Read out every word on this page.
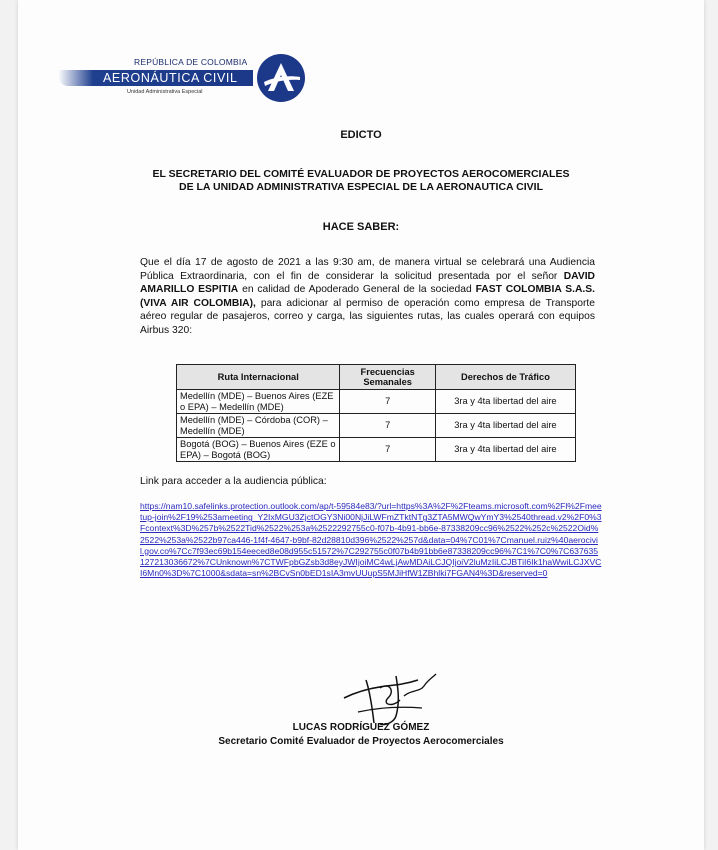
REPÚBLICA DE COLOMBIA
AERONÁUTICA CIVIL
Unidad Administrativa Especial
EDICTO
EL SECRETARIO DEL COMITÉ EVALUADOR DE PROYECTOS AEROCOMERCIALES
DE LA UNIDAD ADMINISTRATIVA ESPECIAL DE LA AERONAUTICA CIVIL
HACE SABER:
Que el día 17 de agosto de 2021 a las 9:30 am, de manera virtual se celebrará una Audiencia Pública Extraordinaria, con el fin de considerar la solicitud presentada por el señor DAVID AMARILLO ESPITIA en calidad de Apoderado General de la sociedad FAST COLOMBIA S.A.S. (VIVA AIR COLOMBIA), para adicionar al permiso de operación como empresa de Transporte aéreo regular de pasajeros, correo y carga, las siguientes rutas, las cuales operará con equipos Airbus 320:
Ruta Internacional	Frecuencias Semanales	Derechos de Tráfico
Medellín (MDE) – Buenos Aires (EZE o EPA) – Medellín (MDE)	7	3ra y 4ta libertad del aire
Medellín (MDE) – Córdoba (COR) – Medellín (MDE)	7	3ra y 4ta libertad del aire
Bogotá (BOG) – Buenos Aires (EZE o EPA) – Bogotá (BOG)	7	3ra y 4ta libertad del aire
Link para acceder a la audiencia pública:
https://nam10.safelinks.protection.outlook.com/ap/t-59584e83/?url=https%3A%2F%2Fteams.microsoft.com%2Fl%2Fmeetup-join%2F19%253ameeting_Y2IxMGU3ZjctOGY3Ni00NjJiLWFmZTktNTg3ZTA5MWQwYmY3%2540thread.v2%2F0%3Fcontext%3D%257b%2522Tid%2522%253a%2522292755c0-f07b-4b91-bb6e-87338209cc96%2522%252c%2522Oid%2522%253a%2522b97ca446-1f4f-4647-b9bf-82d28810d396%2522%257d&data=04%7C01%7Cmanuel.ruiz%40aerocivil.gov.co%7Cc7f93ec69b154eeced8e08d955c51572%7C292755c0f07b4b91bb6e87338209cc96%7C1%7C0%7C637635127213036672%7CUnknown%7CTWFpbGZsb3d8eyJWIjoiMC4wLjAwMDAiLCJQIjoiV2luMzIiLCJBTiI6Ik1haWwiLCJXVCI6Mn0%3D%7C1000&sdata=sn%2BCvSn0bED1sIA3mvUUupS5MJiHfW1ZBhlki7FGAN4%3D&reserved=0
LUCAS RODRÍGUEZ GÓMEZ
Secretario Comité Evaluador de Proyectos Aerocomerciales
